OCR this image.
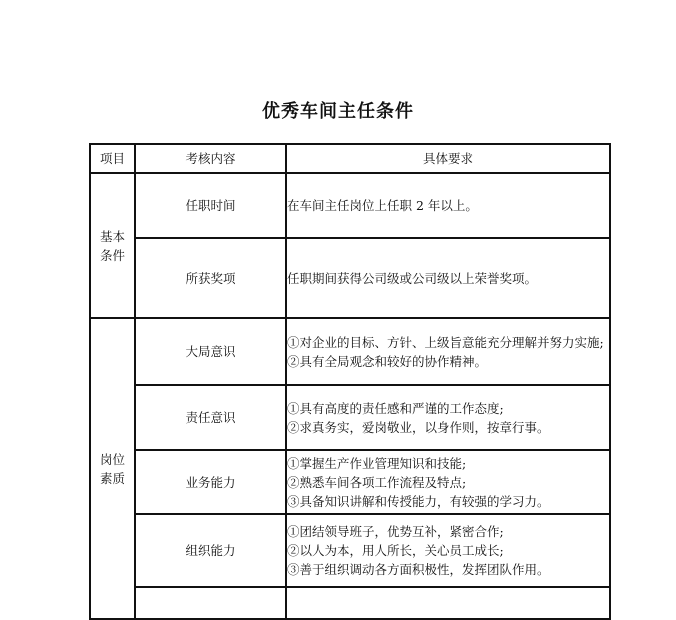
优秀车间主任条件
项目	考核内容	具体要求

基本
条件	任职时间	在车间主任岗位上任职 2 年以上。

	所获奖项	任职期间获得公司级或公司级以上荣誉奖项。

岗位
素质	大局意识	①对企业的目标、方针、上级旨意能充分理解并努力实施;
②具有全局观念和较好的协作精神。

	责任意识	①具有高度的责任感和严谨的工作态度;
②求真务实，爱岗敬业，以身作则，按章行事。

	业务能力	①掌握生产作业管理知识和技能;
②熟悉车间各项工作流程及特点;
③具备知识讲解和传授能力，有较强的学习力。

	组织能力	①团结领导班子，优势互补，紧密合作;
②以人为本，用人所长，关心员工成长;
③善于组织调动各方面积极性，发挥团队作用。
